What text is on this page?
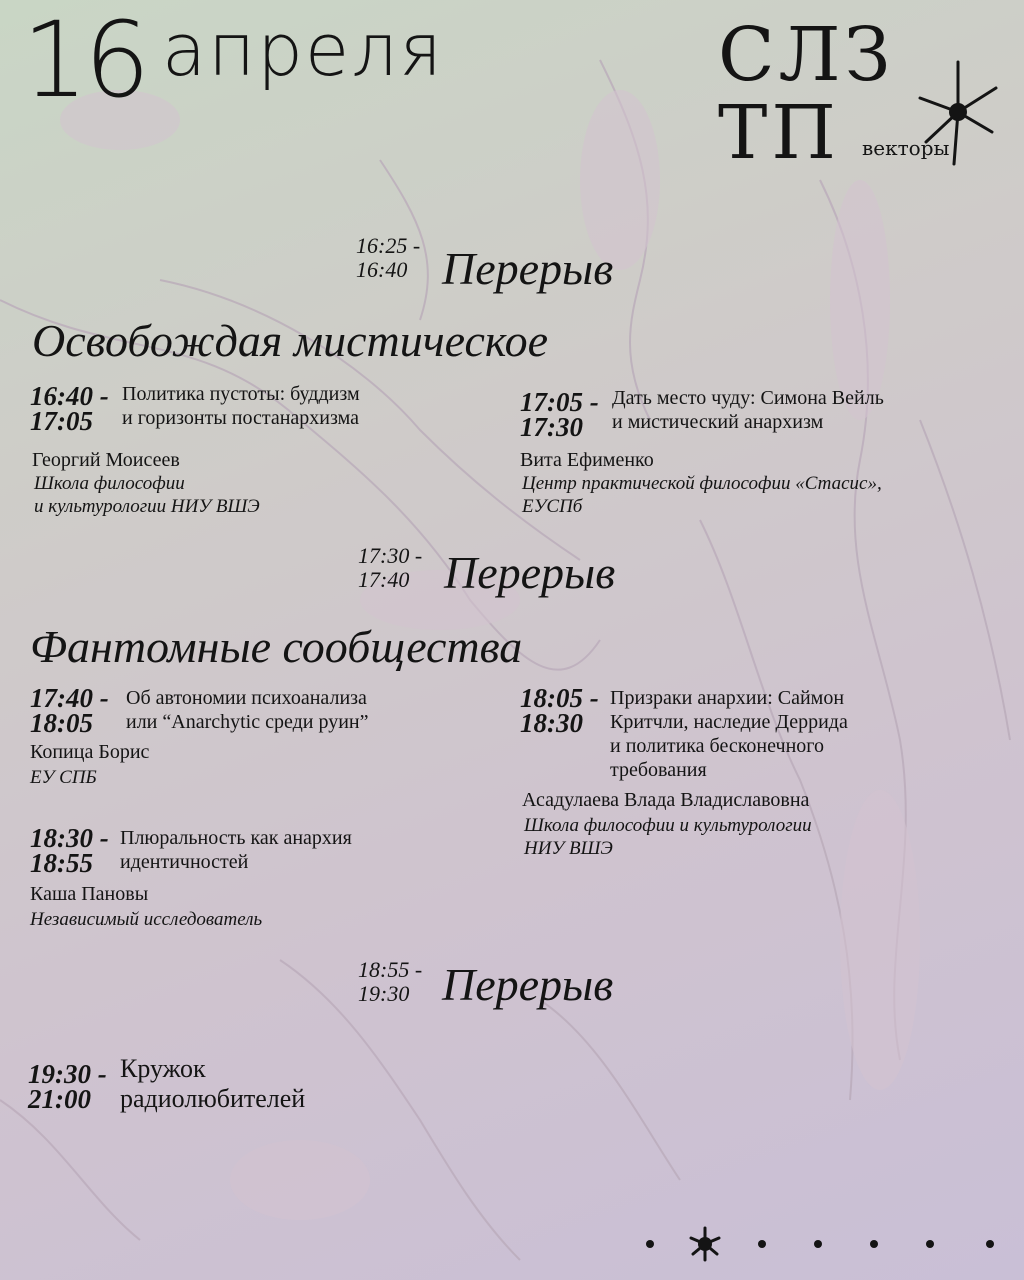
16 апреля	СЛЗ
ТП векторы
16:25 -
16:40 Перерыв
Освобождая мистическое
16:40 -
17:05
Политика пустоты: буддизм
и горизонты постанархизма
Георгий Моисеев
Школа философии
и культурологии НИУ ВШЭ
17:05 -
17:30
Дать место чуду: Симона Вейль
и мистический анархизм
Вита Ефименко
Центр практической философии «Стасис»,
ЕУСПб
17:30 -
17:40 Перерыв
Фантомные сообщества
17:40 -
18:05
Об автономии психоанализа
или “Anarchytic среди руин”
Копица Борис
ЕУ СПБ
18:05 -
18:30
Призраки анархии: Саймон
Критчли, наследие Деррида
и политика бесконечного
требования
Асадулаева Влада Владиславовна
Школа философии и культурологии
НИУ ВШЭ
18:30 -
18:55
Плюральность как анархия
идентичностей
Каша Пановы
Независимый исследователь
18:55 -
19:30 Перерыв
19:30 -
21:00
Кружок
радиолюбителей
